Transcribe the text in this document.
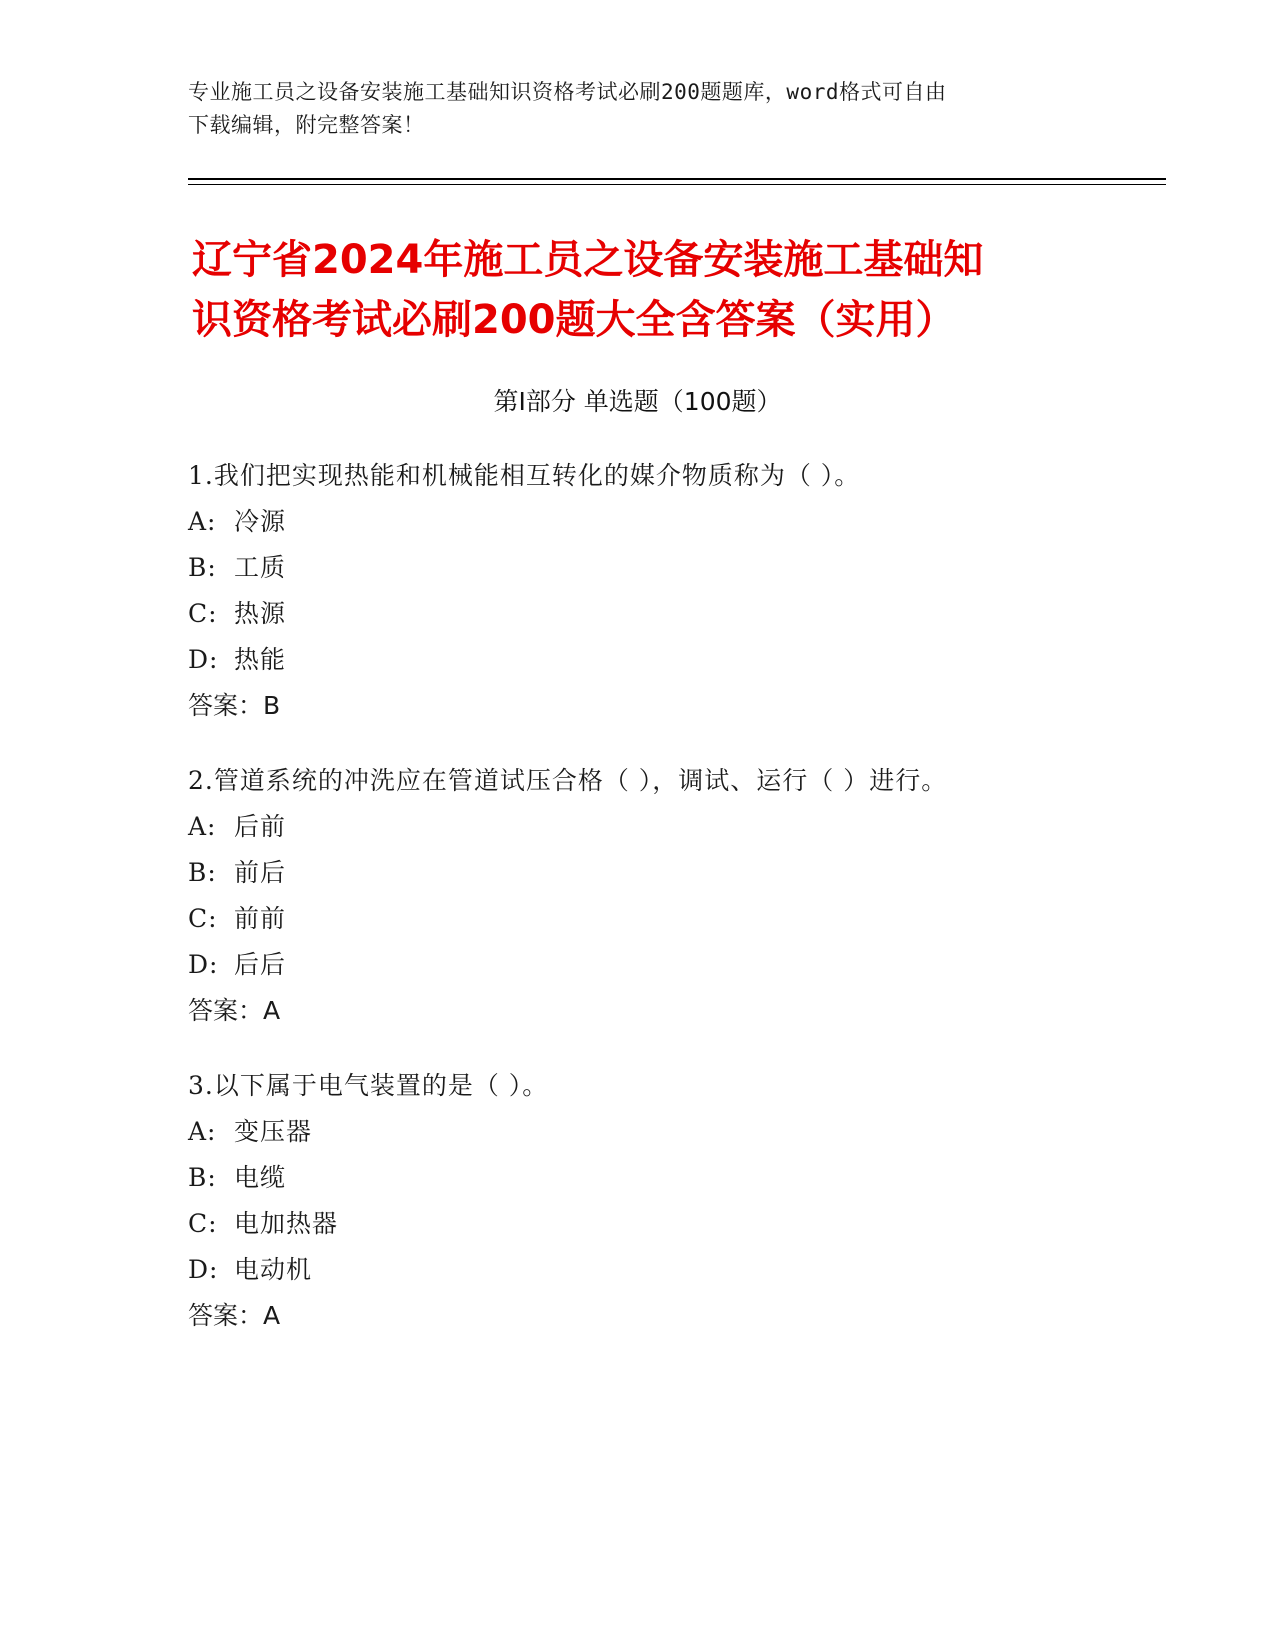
专业施工员之设备安装施工基础知识资格考试必刷200题题库，word格式可自由
下载编辑，附完整答案！
辽宁省2024年施工员之设备安装施工基础知
识资格考试必刷200题大全含答案（实用）
第Ⅰ部分 单选题（100题）
1.我们把实现热能和机械能相互转化的媒介物质称为（ ）。
A: 冷源
B: 工质
C: 热源
D: 热能
答案：B
2.管道系统的冲洗应在管道试压合格（ ），调试、运行（ ）进行。
A: 后前
B: 前后
C: 前前
D: 后后
答案：A
3.以下属于电气装置的是（ ）。
A: 变压器
B: 电缆
C: 电加热器
D: 电动机
答案：A
